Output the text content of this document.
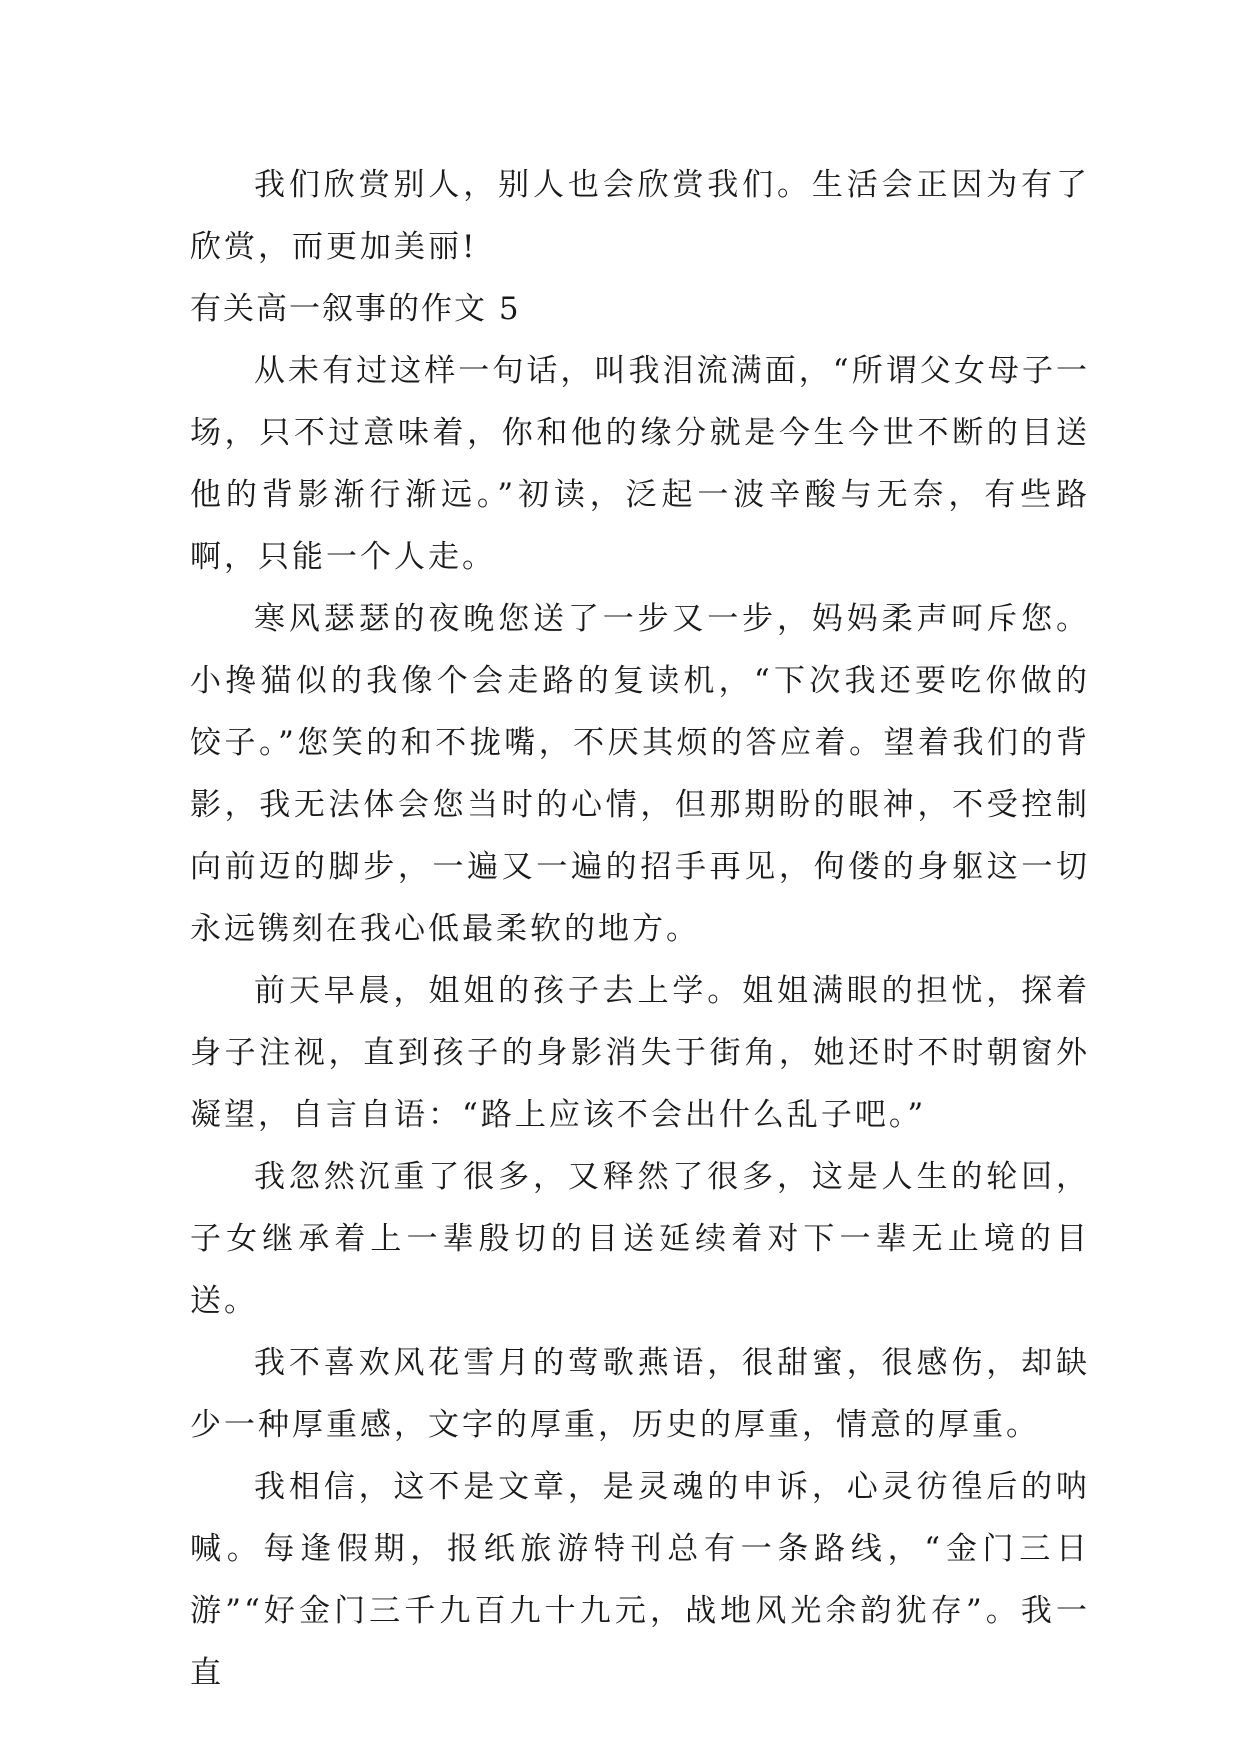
我们欣赏别人，别人也会欣赏我们。生活会正因为有了欣赏，而更加美丽!

有关高一叙事的作文 5

从未有过这样一句话，叫我泪流满面，“所谓父女母子一场，只不过意味着，你和他的缘分就是今生今世不断的目送他的背影渐行渐远。”初读，泛起一波辛酸与无奈，有些路啊，只能一个人走。

寒风瑟瑟的夜晚您送了一步又一步，妈妈柔声呵斥您。小搀猫似的我像个会走路的复读机，“下次我还要吃你做的饺子。”您笑的和不拢嘴，不厌其烦的答应着。望着我们的背影，我无法体会您当时的心情，但那期盼的眼神，不受控制向前迈的脚步，一遍又一遍的招手再见，佝偻的身躯这一切永远镌刻在我心低最柔软的地方。

前天早晨，姐姐的孩子去上学。姐姐满眼的担忧，探着身子注视，直到孩子的身影消失于街角，她还时不时朝窗外凝望，自言自语：“路上应该不会出什么乱子吧。”

我忽然沉重了很多，又释然了很多，这是人生的轮回，子女继承着上一辈殷切的目送延续着对下一辈无止境的目送。

我不喜欢风花雪月的莺歌燕语，很甜蜜，很感伤，却缺少一种厚重感，文字的厚重，历史的厚重，情意的厚重。

我相信，这不是文章，是灵魂的申诉，心灵彷徨后的呐喊。每逢假期，报纸旅游特刊总有一条路线，“金门三日游”“好金门三千九百九十九元，战地风光余韵犹存”。我一直
